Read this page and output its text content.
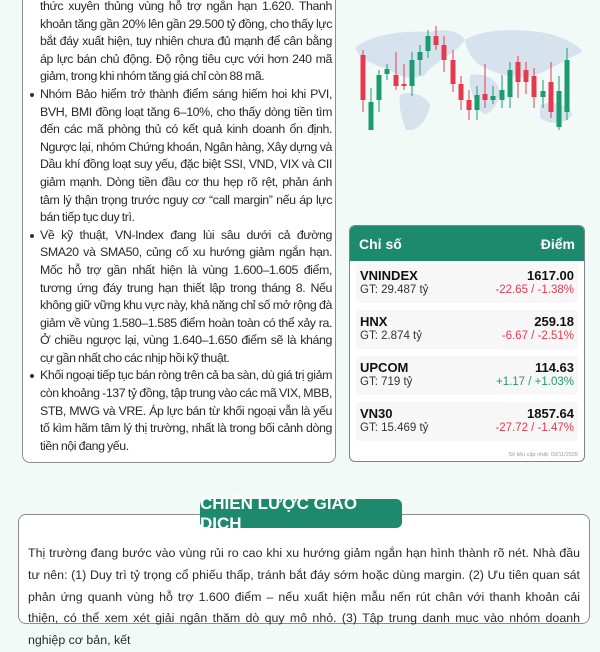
thức xuyên thủng vùng hỗ trợ ngắn hạn 1.620. Thanh khoản tăng gần 20% lên gần 29.500 tỷ đồng, cho thấy lực bắt đáy xuất hiện, tuy nhiên chưa đủ mạnh để cân bằng áp lực bán chủ động. Độ rộng tiêu cực với hơn 240 mã giảm, trong khi nhóm tăng giá chỉ còn 88 mã.

Nhóm Bảo hiểm trở thành điểm sáng hiếm hoi khi PVI, BVH, BMI đồng loạt tăng 6–10%, cho thấy dòng tiền tìm đến các mã phòng thủ có kết quả kinh doanh ổn định. Ngược lại, nhóm Chứng khoán, Ngân hàng, Xây dựng và Dầu khí đồng loạt suy yếu, đặc biệt SSI, VND, VIX và CII giảm mạnh. Dòng tiền đầu cơ thu hẹp rõ rệt, phản ánh tâm lý thận trọng trước nguy cơ “call margin” nếu áp lực bán tiếp tục duy trì.
Về kỹ thuật, VN-Index đang lùi sâu dưới cả đường SMA20 và SMA50, củng cố xu hướng giảm ngắn hạn. Mốc hỗ trợ gần nhất hiện là vùng 1.600–1.605 điểm, tương ứng đáy trung hạn thiết lập trong tháng 8. Nếu không giữ vững khu vực này, khả năng chỉ số mở rộng đà giảm về vùng 1.580–1.585 điểm hoàn toàn có thể xảy ra. Ở chiều ngược lại, vùng 1.640–1.650 điểm sẽ là kháng cự gần nhất cho các nhịp hồi kỹ thuật.
Khối ngoại tiếp tục bán ròng trên cả ba sàn, dù giá trị giảm còn khoảng -137 tỷ đồng, tập trung vào các mã VIX, MBB, STB, MWG và VRE. Áp lực bán từ khối ngoại vẫn là yếu tố kìm hãm tâm lý thị trường, nhất là trong bối cảnh dòng tiền nội đang yếu.
Chỉ số	Điểm
VNINDEX
GT: 29.487 tỷ
1617.00
-22.65 / -1.38%
HNX
GT: 2.874 tỷ
259.18
-6.67 / -2.51%
UPCOM
GT: 719 tỷ
114.63
+1.17 / +1.03%
VN30
GT: 15.469 tỷ
1857.64
-27.72 / -1.47%
Số liệu cập nhật: 03/11/2025
CHIẾN LƯỢC GIAO DỊCH
Thị trường đang bước vào vùng rủi ro cao khi xu hướng giảm ngắn hạn hình thành rõ nét. Nhà đầu tư nên: (1) Duy trì tỷ trọng cổ phiếu thấp, tránh bắt đáy sớm hoặc dùng margin. (2) Ưu tiên quan sát phản ứng quanh vùng hỗ trợ 1.600 điểm – nếu xuất hiện mẫu nến rút chân với thanh khoản cải thiện, có thể xem xét giải ngân thăm dò quy mô nhỏ. (3) Tập trung danh mục vào nhóm doanh nghiệp cơ bản, kết
